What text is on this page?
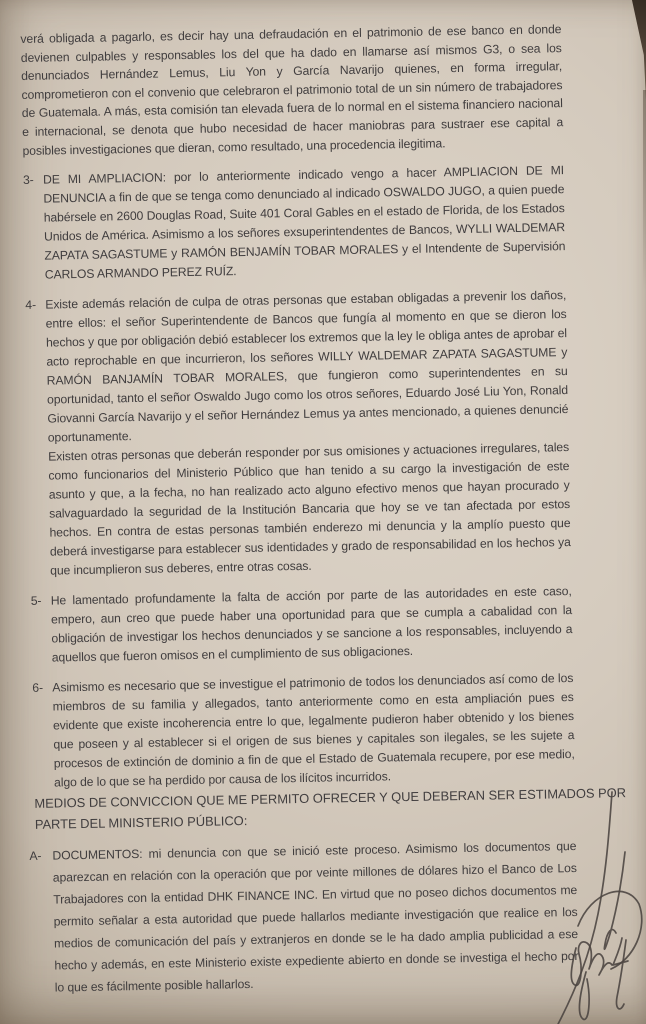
verá obligada a pagarlo, es decir hay una defraudación en el patrimonio de ese banco en donde devienen culpables y responsables los del que ha dado en llamarse así mismos G3, o sea los denunciados Hernández Lemus, Liu Yon y García Navarijo quienes, en forma irregular, comprometieron con el convenio que celebraron el patrimonio total de un sin número de trabajadores de Guatemala. A más, esta comisión tan elevada fuera de lo normal en el sistema financiero nacional e internacional, se denota que hubo necesidad de hacer maniobras para sustraer ese capital a posibles investigaciones que dieran, como resultado, una procedencia ilegitima.

3- DE MI AMPLIACION: por lo anteriormente indicado vengo a hacer AMPLIACION DE MI DENUNCIA a fin de que se tenga como denunciado al indicado OSWALDO JUGO, a quien puede habérsele en 2600 Douglas Road, Suite 401 Coral Gables en el estado de Florida, de los Estados Unidos de América. Asimismo a los señores exsuperintendentes de Bancos, WYLLI WALDEMAR ZAPATA SAGASTUME y RAMÓN BENJAMÍN TOBAR MORALES y el Intendente de Supervisión CARLOS ARMANDO PEREZ RUÍZ.

4- Existe además relación de culpa de otras personas que estaban obligadas a prevenir los daños, entre ellos: el señor Superintendente de Bancos que fungía al momento en que se dieron los hechos y que por obligación debió establecer los extremos que la ley le obliga antes de aprobar el acto reprochable en que incurrieron, los señores WILLY WALDEMAR ZAPATA SAGASTUME y RAMÓN BANJAMÍN TOBAR MORALES, que fungieron como superintendentes en su oportunidad, tanto el señor Oswaldo Jugo como los otros señores, Eduardo José Liu Yon, Ronald Giovanni García Navarijo y el señor Hernández Lemus ya antes mencionado, a quienes denuncié oportunamente.

Existen otras personas que deberán responder por sus omisiones y actuaciones irregulares, tales como funcionarios del Ministerio Público que han tenido a su cargo la investigación de este asunto y que, a la fecha, no han realizado acto alguno efectivo menos que hayan procurado y salvaguardado la seguridad de la Institución Bancaria que hoy se ve tan afectada por estos hechos. En contra de estas personas también enderezo mi denuncia y la amplío puesto que deberá investigarse para establecer sus identidades y grado de responsabilidad en los hechos ya que incumplieron sus deberes, entre otras cosas.

5- He lamentado profundamente la falta de acción por parte de las autoridades en este caso, empero, aun creo que puede haber una oportunidad para que se cumpla a cabalidad con la obligación de investigar los hechos denunciados y se sancione a los responsables, incluyendo a aquellos que fueron omisos en el cumplimiento de sus obligaciones.

6- Asimismo es necesario que se investigue el patrimonio de todos los denunciados así como de los miembros de su familia y allegados, tanto anteriormente como en esta ampliación pues es evidente que existe incoherencia entre lo que, legalmente pudieron haber obtenido y los bienes que poseen y al establecer si el origen de sus bienes y capitales son ilegales, se les sujete a procesos de extinción de dominio a fin de que el Estado de Guatemala recupere, por ese medio, algo de lo que se ha perdido por causa de los ilícitos incurridos.

MEDIOS DE CONVICCION QUE ME PERMITO OFRECER Y QUE DEBERAN SER ESTIMADOS POR PARTE DEL MINISTERIO PÚBLICO:

A- DOCUMENTOS: mi denuncia con que se inició este proceso. Asimismo los documentos que aparezcan en relación con la operación que por veinte millones de dólares hizo el Banco de Los Trabajadores con la entidad DHK FINANCE INC. En virtud que no poseo dichos documentos me permito señalar a esta autoridad que puede hallarlos mediante investigación que realice en los medios de comunicación del país y extranjeros en donde se le ha dado amplia publicidad a ese hecho y además, en este Ministerio existe expediente abierto en donde se investiga el hecho por lo que es fácilmente posible hallarlos.
